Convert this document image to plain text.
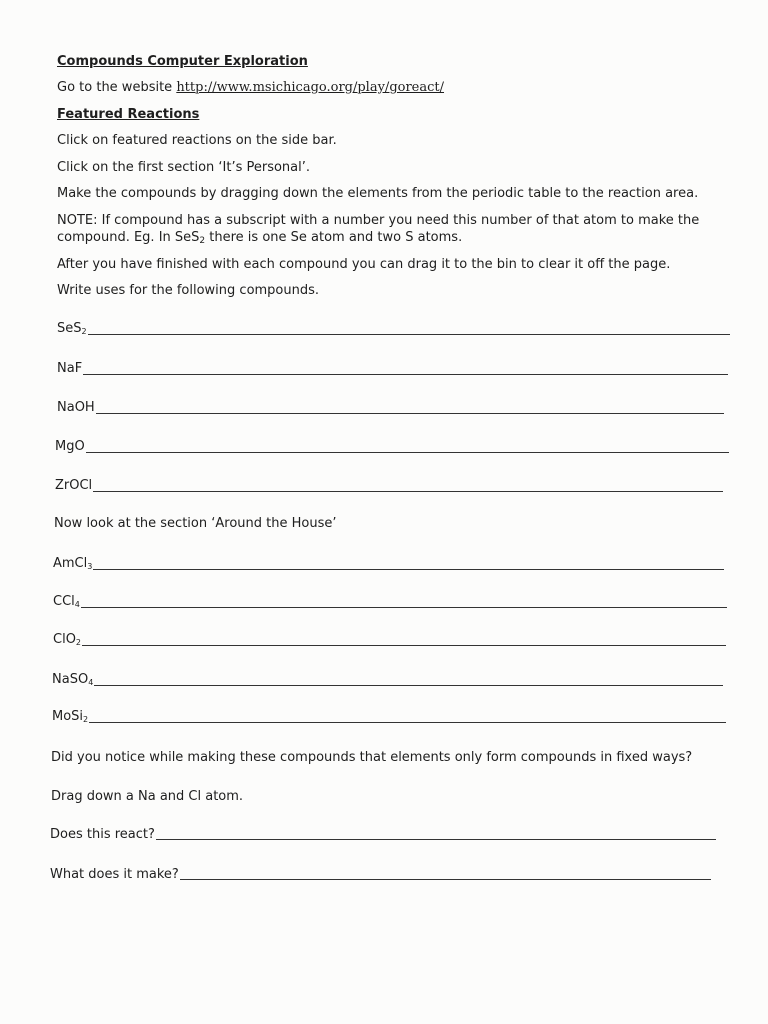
Compounds Computer Exploration
Go to the website http://www.msichicago.org/play/goreact/
Featured Reactions
Click on featured reactions on the side bar.
Click on the first section ‘It’s Personal’.
Make the compounds by dragging down the elements from the periodic table to the reaction area.
NOTE: If compound has a subscript with a number you need this number of that atom to make the
compound. Eg. In SeS2 there is one Se atom and two S atoms.
After you have finished with each compound you can drag it to the bin to clear it off the page.
Write uses for the following compounds.
SeS$_2$
NaF
NaOH
MgO
ZrOCl
Now look at the section ‘Around the House’
AmCl$_3$
CCl$_4$
ClO$_2$
NaSO$_4$
MoSi$_2$
Did you notice while making these compounds that elements only form compounds in fixed ways?
Drag down a Na and Cl atom.
Does this react?
What does it make?
